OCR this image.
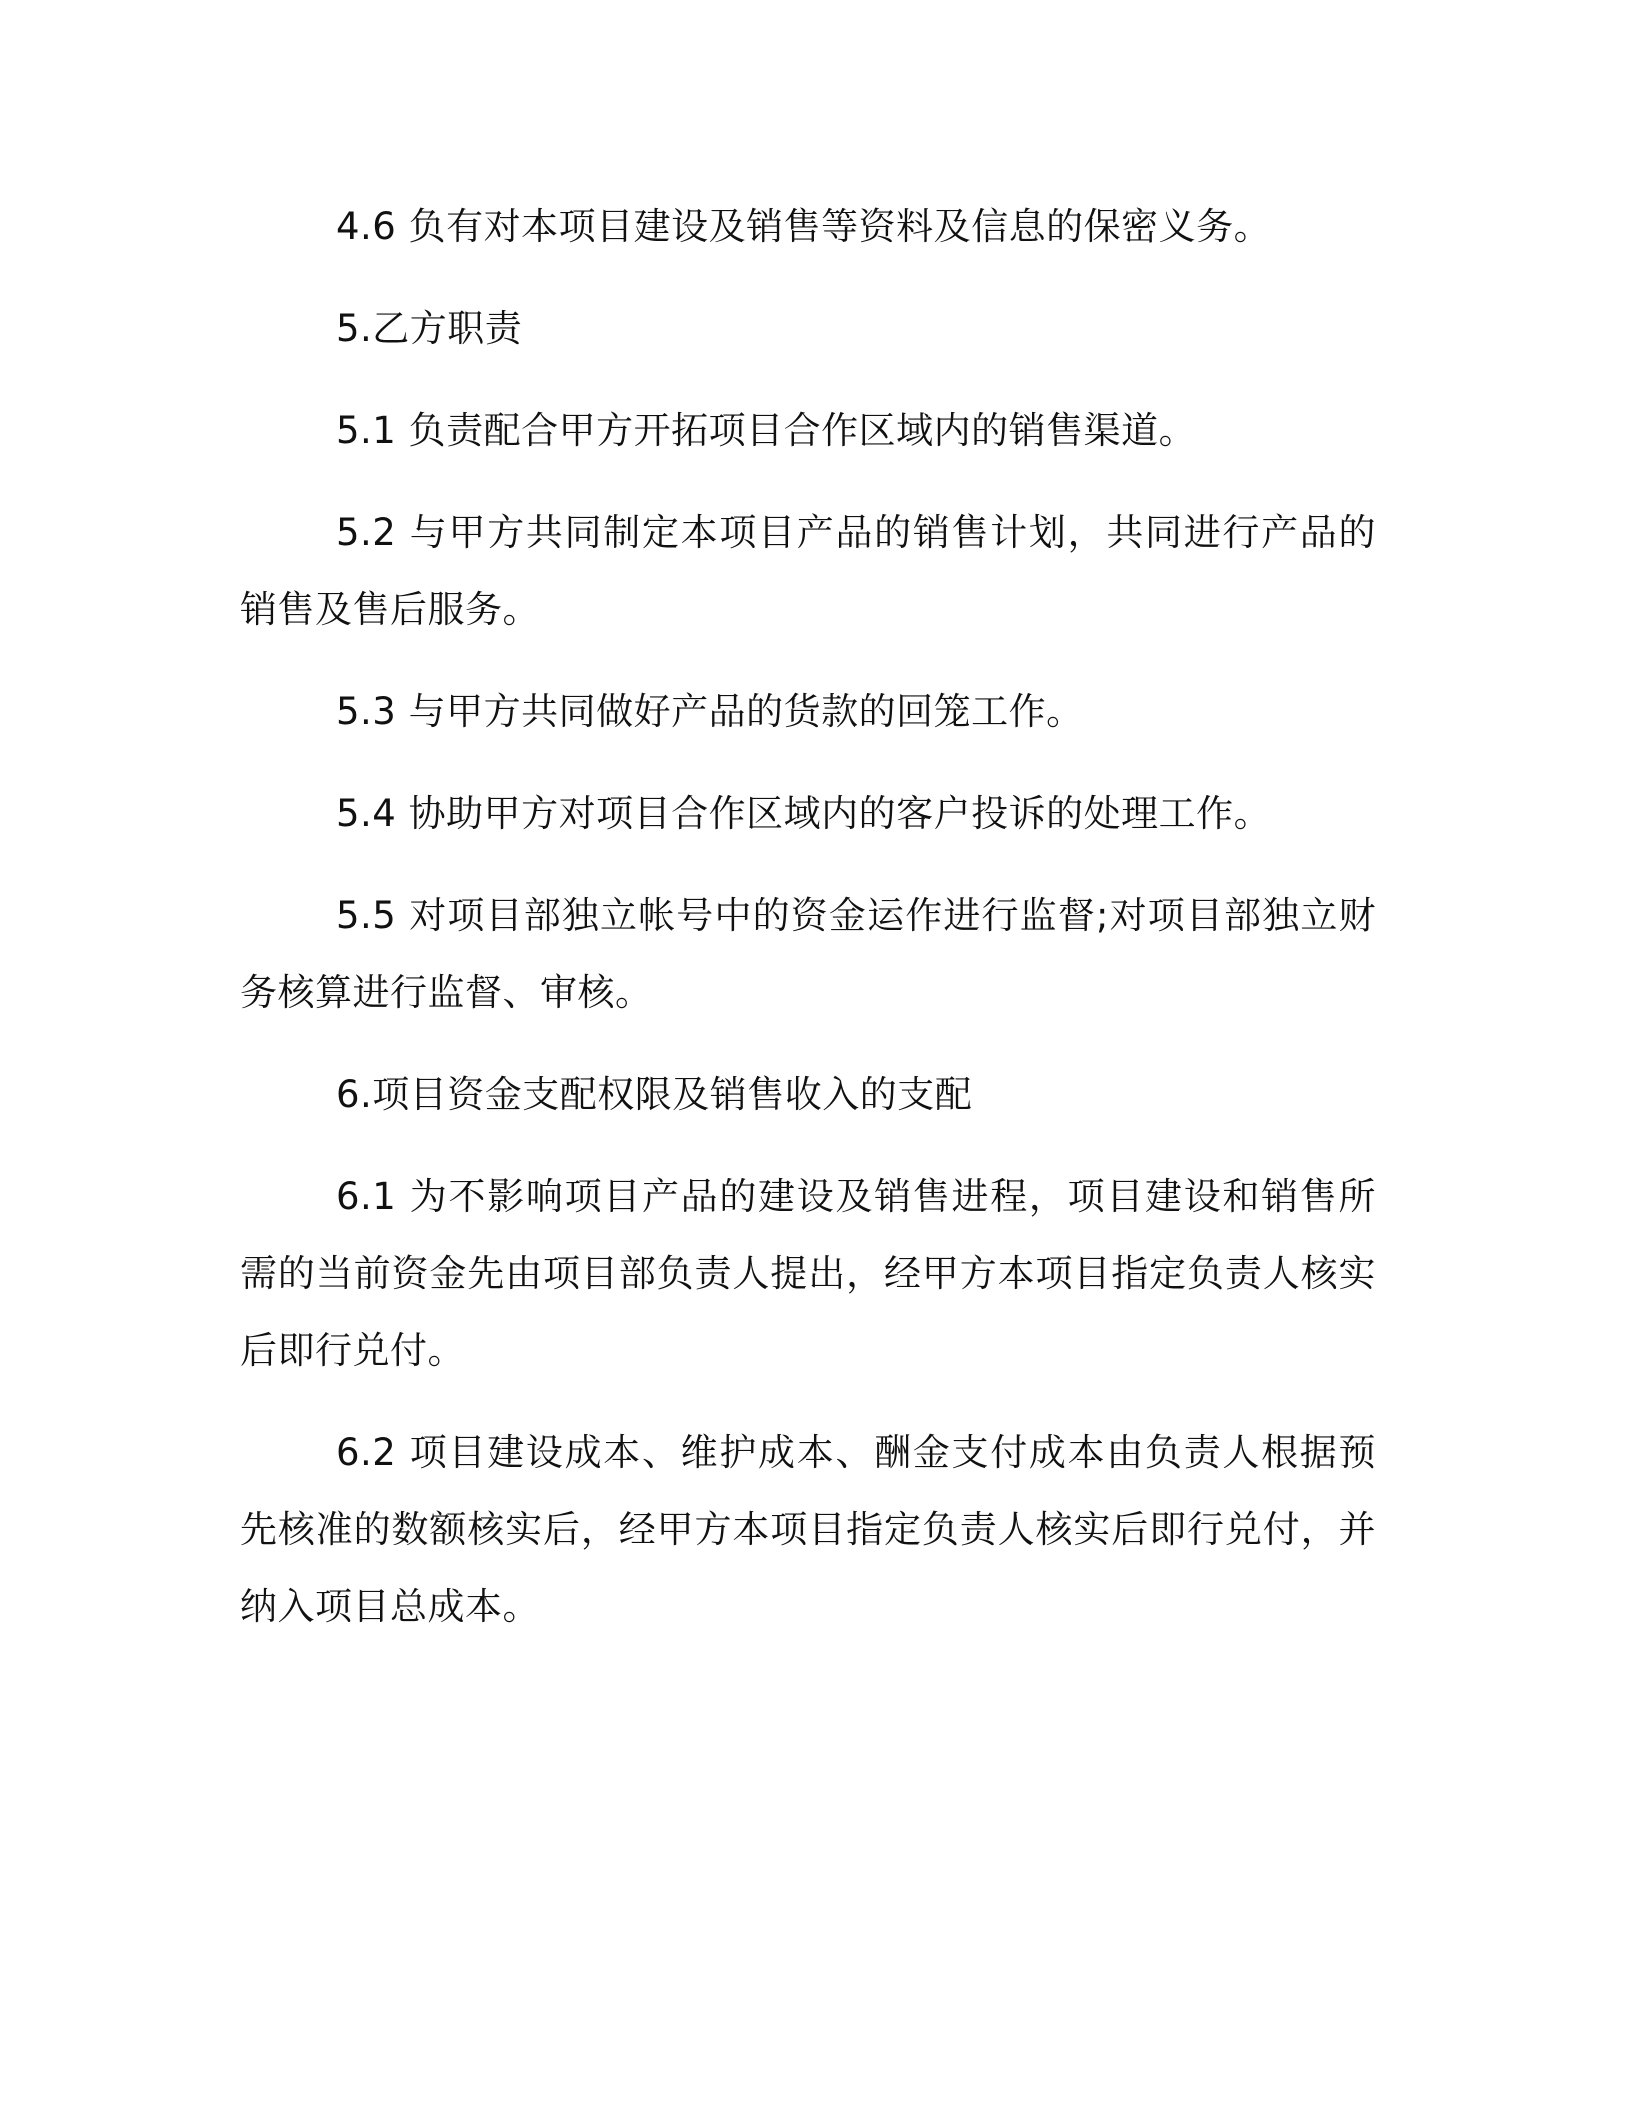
4.6 负有对本项目建设及销售等资料及信息的保密义务。

5.乙方职责

5.1 负责配合甲方开拓项目合作区域内的销售渠道。

5.2 与甲方共同制定本项目产品的销售计划，共同进行产品的销售及售后服务。

5.3 与甲方共同做好产品的货款的回笼工作。

5.4 协助甲方对项目合作区域内的客户投诉的处理工作。

5.5 对项目部独立帐号中的资金运作进行监督;对项目部独立财务核算进行监督、审核。

6.项目资金支配权限及销售收入的支配

6.1 为不影响项目产品的建设及销售进程，项目建设和销售所需的当前资金先由项目部负责人提出，经甲方本项目指定负责人核实后即行兑付。

6.2 项目建设成本、维护成本、酬金支付成本由负责人根据预先核准的数额核实后，经甲方本项目指定负责人核实后即行兑付，并纳入项目总成本。
